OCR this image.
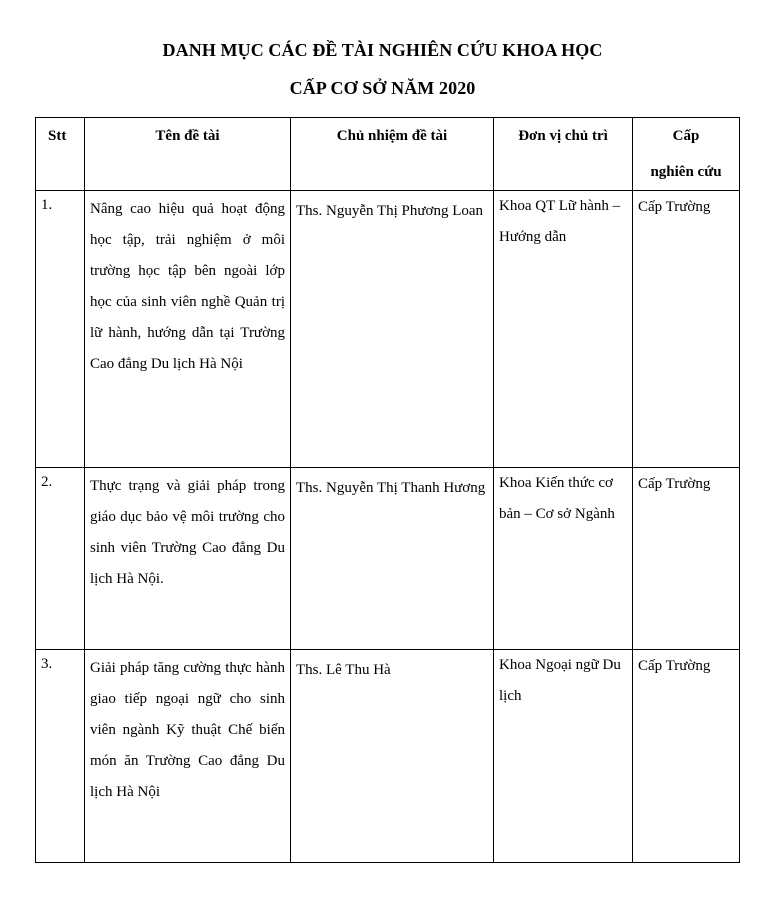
DANH MỤC CÁC ĐỀ TÀI NGHIÊN CỨU KHOA HỌC
CẤP CƠ SỞ NĂM 2020
Stt	Tên đề tài	Chủ nhiệm đề tài	Đơn vị chủ trì	Cấp
nghiên cứu

1.	Nâng cao hiệu quả hoạt động học tập, trải nghiệm ở môi trường học tập bên ngoài lớp học của sinh viên nghề Quản trị lữ hành, hướng dẫn tại Trường Cao đẳng Du lịch Hà Nội	Ths. Nguyễn Thị Phương Loan	Khoa QT Lữ hành – Hướng dẫn	Cấp Trường

2.	Thực trạng và giải pháp trong giáo dục bảo vệ môi trường cho sinh viên Trường Cao đẳng Du lịch Hà Nội.	Ths. Nguyễn Thị Thanh Hương	Khoa Kiến thức cơ bản – Cơ sở Ngành	Cấp Trường

3.	Giải pháp tăng cường thực hành giao tiếp ngoại ngữ cho sinh viên ngành Kỹ thuật Chế biến món ăn Trường Cao đẳng Du lịch Hà Nội	Ths. Lê Thu Hà	Khoa Ngoại ngữ Du lịch	Cấp Trường
